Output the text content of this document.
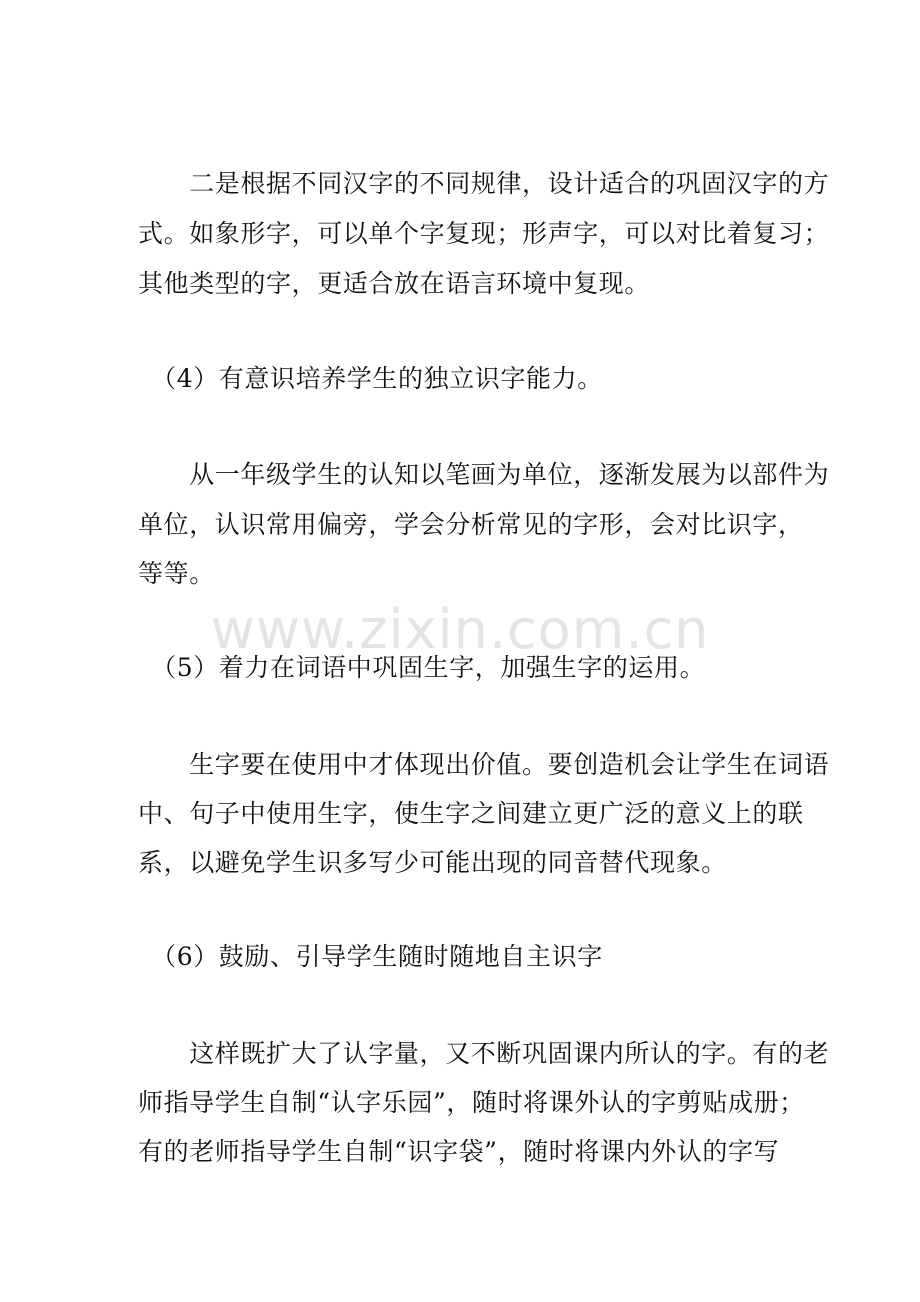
　　二是根据不同汉字的不同规律，设计适合的巩固汉字的方
式。如象形字，可以单个字复现；形声字，可以对比着复习；
其他类型的字，更适合放在语言环境中复现。
　（4）有意识培养学生的独立识字能力。
　　从一年级学生的认知以笔画为单位，逐渐发展为以部件为
单位，认识常用偏旁，学会分析常见的字形，会对比识字，
等等。
　（5）着力在词语中巩固生字，加强生字的运用。
　　生字要在使用中才体现出价值。要创造机会让学生在词语
中、句子中使用生字，使生字之间建立更广泛的意义上的联
系，以避免学生识多写少可能出现的同音替代现象。
　（6）鼓励、引导学生随时随地自主识字
　　这样既扩大了认字量，又不断巩固课内所认的字。有的老
师指导学生自制“认字乐园”，随时将课外认的字剪贴成册；
有的老师指导学生自制“识字袋”，随时将课内外认的字写
www.zixin.com.cn
